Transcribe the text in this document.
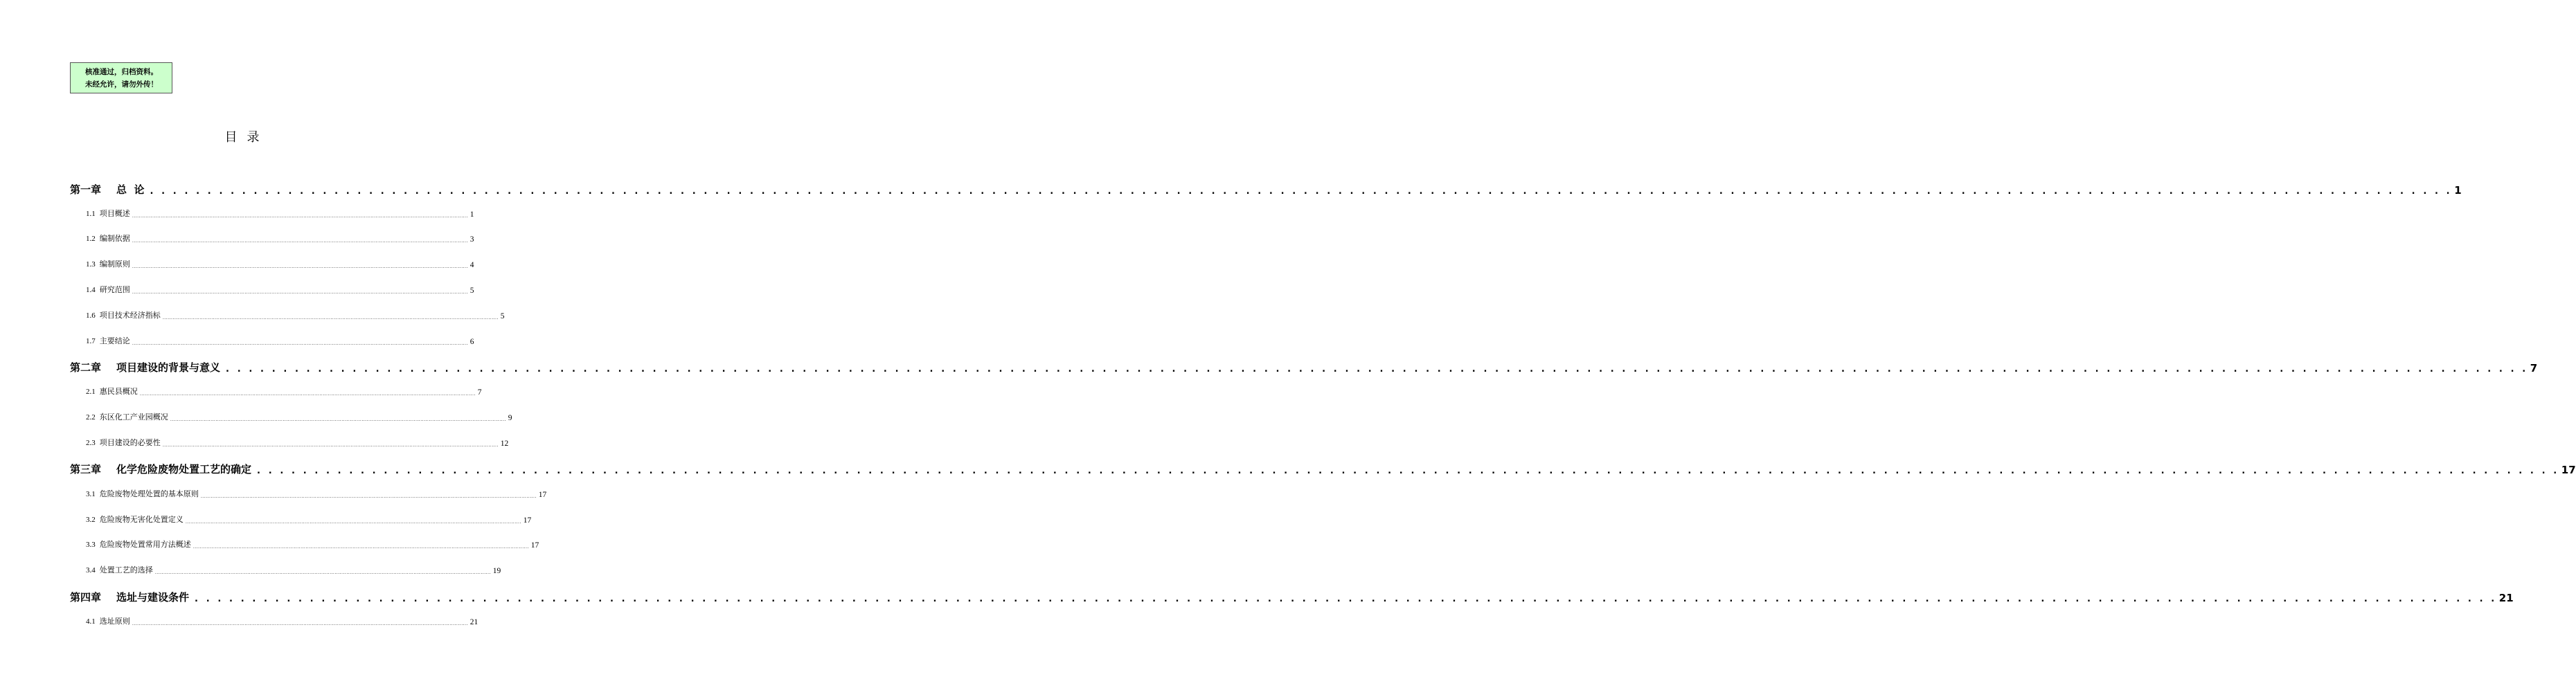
核准通过，归档资料。
未经允许，请勿外传！
目录
第一章 总  论 . . . . . . . . . . . . . . . . . . . . . . . . . . . . . . . . . . . . . . . . . . . . . . . . . . . . . . . . . . . . . . . . . . . . . . . . . . . . . . . . . . . . . . . . . . . . . . . . . . . . . . . . . . . . . . . . . . . . . . . . . . . . . . . . . . . . . . . . . . . . . . . . . . . . . . . . . . . . . . . . . . . . . . . . . . . . . . . . . . . . . . . . . . . . . . . . . . . . . . . . 1
1.1 项目概述 ........................................................................................................................................................................................................ 1
1.2 编制依据 ........................................................................................................................................................................................................ 3
1.3 编制原则 ........................................................................................................................................................................................................ 4
1.4 研究范围 ........................................................................................................................................................................................................ 5
1.6 项目技术经济指标 ........................................................................................................................................................................................................ 5
1.7 主要结论 ........................................................................................................................................................................................................ 6
第二章 项目建设的背景与意义 . . . . . . . . . . . . . . . . . . . . . . . . . . . . . . . . . . . . . . . . . . . . . . . . . . . . . . . . . . . . . . . . . . . . . . . . . . . . . . . . . . . . . . . . . . . . . . . . . . . . . . . . . . . . . . . . . . . . . . . . . . . . . . . . . . . . . . . . . . . . . . . . . . . . . . . . . . . . . . . . . . . . . . . . . . . . . . . . . . . . . . . . . . . . . . . . . . . . . . . . 7
2.1 惠民县概况 ........................................................................................................................................................................................................ 7
2.2 东区化工产业园概况 ........................................................................................................................................................................................................ 9
2.3 项目建设的必要性 ........................................................................................................................................................................................................ 12
第三章 化学危险废物处置工艺的确定 . . . . . . . . . . . . . . . . . . . . . . . . . . . . . . . . . . . . . . . . . . . . . . . . . . . . . . . . . . . . . . . . . . . . . . . . . . . . . . . . . . . . . . . . . . . . . . . . . . . . . . . . . . . . . . . . . . . . . . . . . . . . . . . . . . . . . . . . . . . . . . . . . . . . . . . . . . . . . . . . . . . . . . . . . . . . . . . . . . . . . . . . . . . . . . . . . . . . . . . . 17
3.1 危险废物处理处置的基本原则 ........................................................................................................................................................................................................ 17
3.2 危险废物无害化处置定义 ........................................................................................................................................................................................................ 17
3.3 危险废物处置常用方法概述 ........................................................................................................................................................................................................ 17
3.4 处置工艺的选择 ........................................................................................................................................................................................................ 19
第四章 选址与建设条件 . . . . . . . . . . . . . . . . . . . . . . . . . . . . . . . . . . . . . . . . . . . . . . . . . . . . . . . . . . . . . . . . . . . . . . . . . . . . . . . . . . . . . . . . . . . . . . . . . . . . . . . . . . . . . . . . . . . . . . . . . . . . . . . . . . . . . . . . . . . . . . . . . . . . . . . . . . . . . . . . . . . . . . . . . . . . . . . . . . . . . . . . . . . . . . . . . . . . . . . . 21
4.1 选址原则 ........................................................................................................................................................................................................ 21
